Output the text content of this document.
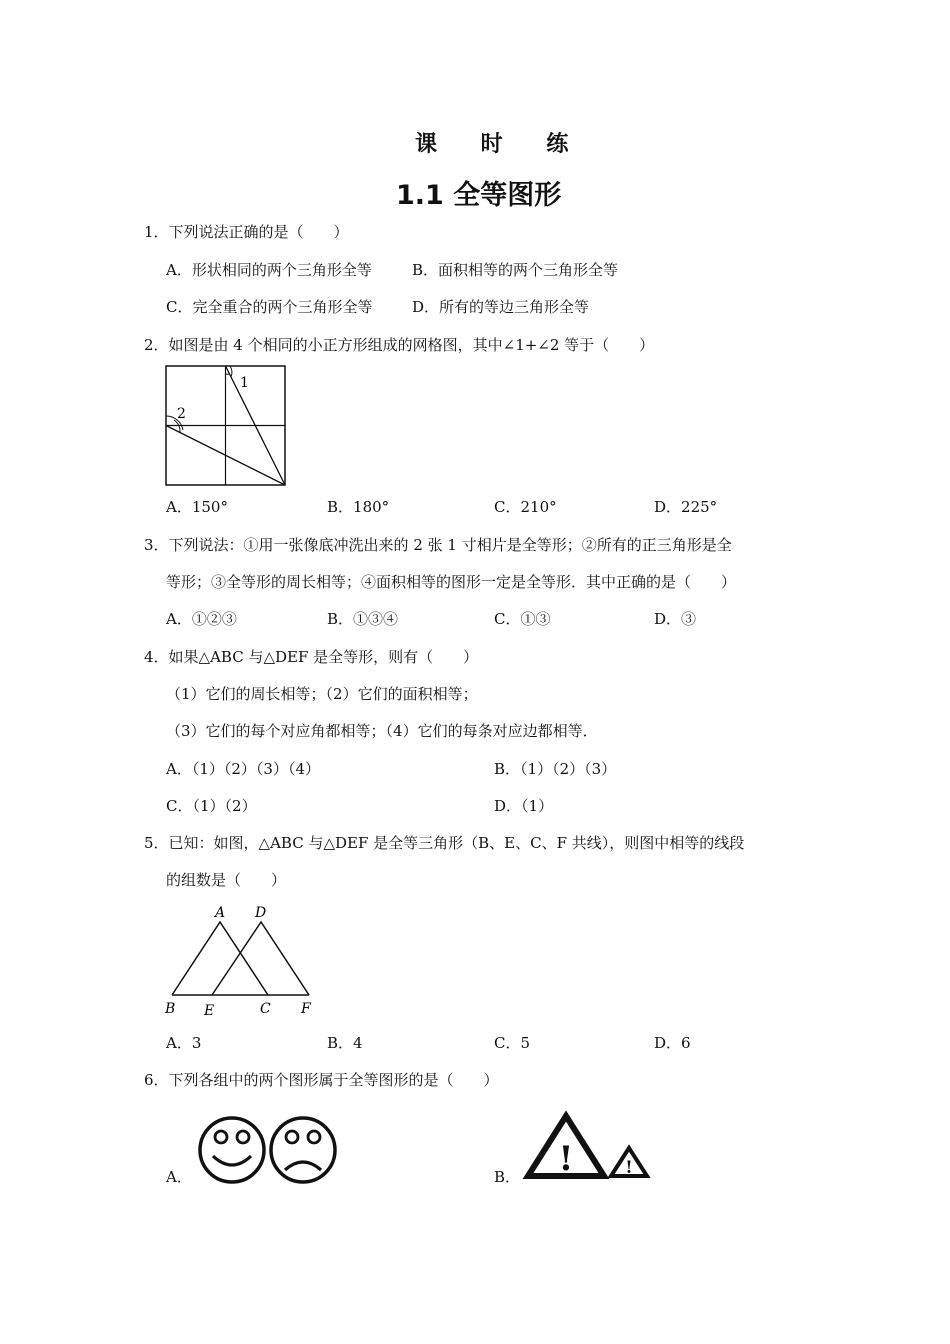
课 时 练
1.1 全等图形
1．下列说法正确的是（　　）
A．形状相同的两个三角形全等	B．面积相等的两个三角形全等
C．完全重合的两个三角形全等	D．所有的等边三角形全等
2．如图是由 4 个相同的小正方形组成的网格图，其中∠1+∠2 等于（　　）
1
2
A．150°	B．180°	C．210°	D．225°
3．下列说法：①用一张像底冲洗出来的 2 张 1 寸相片是全等形；②所有的正三角形是全
等形；③全等形的周长相等；④面积相等的图形一定是全等形．其中正确的是（　　）
A．①②③	B．①③④	C．①③	D．③
4．如果△ABC 与△DEF 是全等形，则有（　　）
（1）它们的周长相等；（2）它们的面积相等；
（3）它们的每个对应角都相等；（4）它们的每条对应边都相等．
A．（1）（2）（3）（4）	B．（1）（2）（3）
C．（1）（2）	D．（1）
5．已知：如图，△ABC 与△DEF 是全等三角形（B、E、C、F 共线），则图中相等的线段
的组数是（　　）
A D
B E	C F
A．3	B．4	C．5	D．6
6．下列各组中的两个图形属于全等图形的是（　　）
A．	B． !	!
